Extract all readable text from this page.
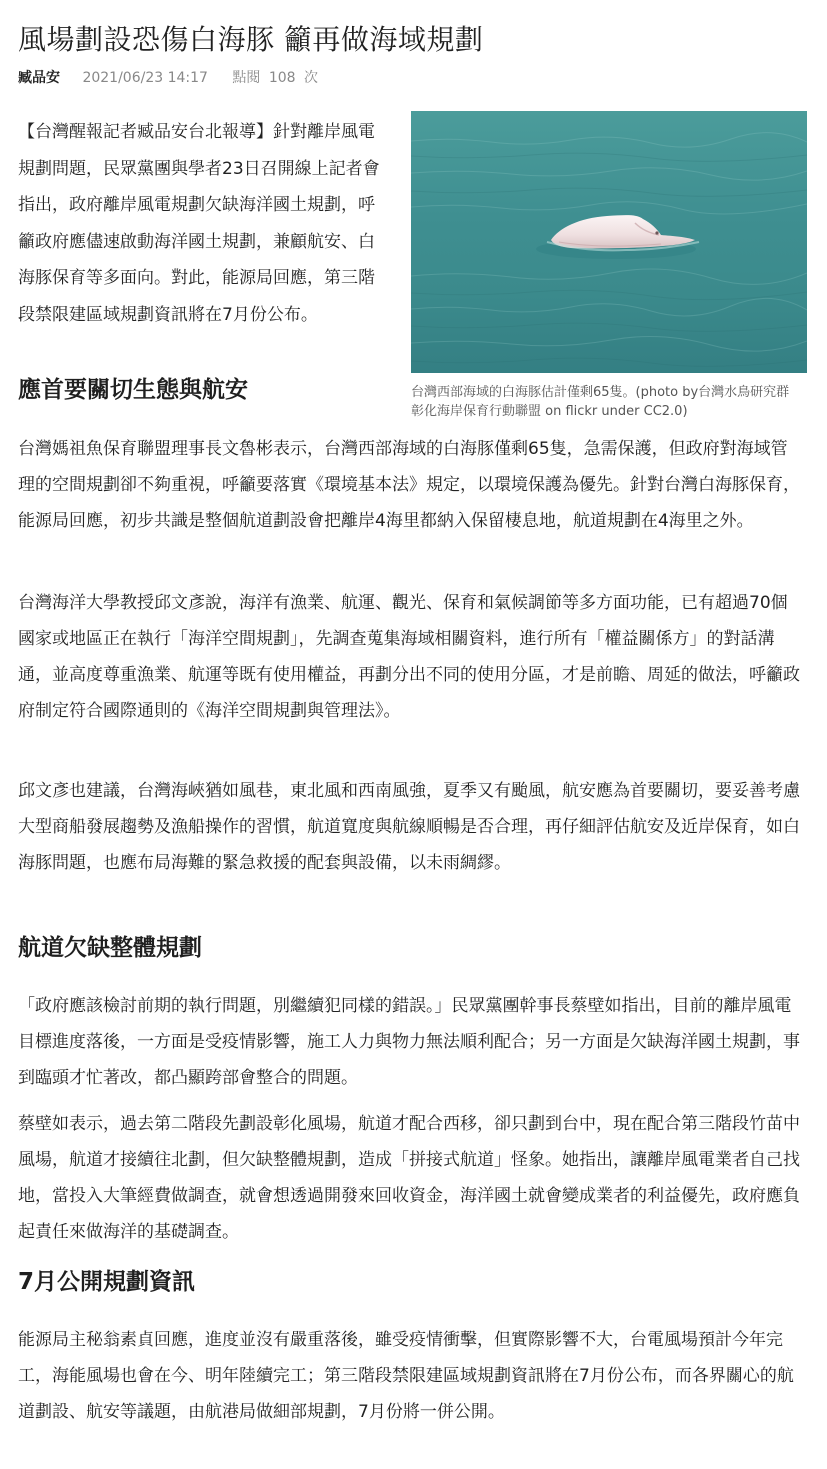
風場劃設恐傷白海豚 籲再做海域規劃
臧品安 2021/06/23 14:17 點閱 108 次

【台灣醒報記者臧品安台北報導】針對離岸風電規劃問題，民眾黨團與學者23日召開線上記者會指出，政府離岸風電規劃欠缺海洋國土規劃，呼籲政府應儘速啟動海洋國土規劃，兼顧航安、白海豚保育等多面向。對此，能源局回應，第三階段禁限建區域規劃資訊將在7月份公布。

台灣西部海域的白海豚估計僅剩65隻。(photo by台灣水鳥研究群 彰化海岸保育行動聯盟 on flickr under CC2.0)
應首要關切生態與航安

台灣媽祖魚保育聯盟理事長文魯彬表示，台灣西部海域的白海豚僅剩65隻，急需保護，但政府對海域管理的空間規劃卻不夠重視，呼籲要落實《環境基本法》規定，以環境保護為優先。針對台灣白海豚保育，能源局回應，初步共識是整個航道劃設會把離岸4海里都納入保留棲息地，航道規劃在4海里之外。

台灣海洋大學教授邱文彥說，海洋有漁業、航運、觀光、保育和氣候調節等多方面功能，已有超過70個國家或地區正在執行「海洋空間規劃」，先調查蒐集海域相關資料，進行所有「權益關係方」的對話溝通，並高度尊重漁業、航運等既有使用權益，再劃分出不同的使用分區，才是前瞻、周延的做法，呼籲政府制定符合國際通則的《海洋空間規劃與管理法》。

邱文彥也建議，台灣海峽猶如風巷，東北風和西南風強，夏季又有颱風，航安應為首要關切，要妥善考慮大型商船發展趨勢及漁船操作的習慣，航道寬度與航線順暢是否合理，再仔細評估航安及近岸保育，如白海豚問題，也應布局海難的緊急救援的配套與設備，以未雨綢繆。

航道欠缺整體規劃

「政府應該檢討前期的執行問題，別繼續犯同樣的錯誤。」民眾黨團幹事長蔡壁如指出，目前的離岸風電目標進度落後，一方面是受疫情影響，施工人力與物力無法順利配合；另一方面是欠缺海洋國土規劃，事到臨頭才忙著改，都凸顯跨部會整合的問題。

蔡壁如表示，過去第二階段先劃設彰化風場，航道才配合西移，卻只劃到台中，現在配合第三階段竹苗中風場，航道才接續往北劃，但欠缺整體規劃，造成「拼接式航道」怪象。她指出，讓離岸風電業者自己找地，當投入大筆經費做調查，就會想透過開發來回收資金，海洋國土就會變成業者的利益優先，政府應負起責任來做海洋的基礎調查。

7月公開規劃資訊

能源局主秘翁素貞回應，進度並沒有嚴重落後，雖受疫情衝擊，但實際影響不大，台電風場預計今年完工，海能風場也會在今、明年陸續完工；第三階段禁限建區域規劃資訊將在7月份公布，而各界關心的航道劃設、航安等議題，由航港局做細部規劃，7月份將一併公開。
